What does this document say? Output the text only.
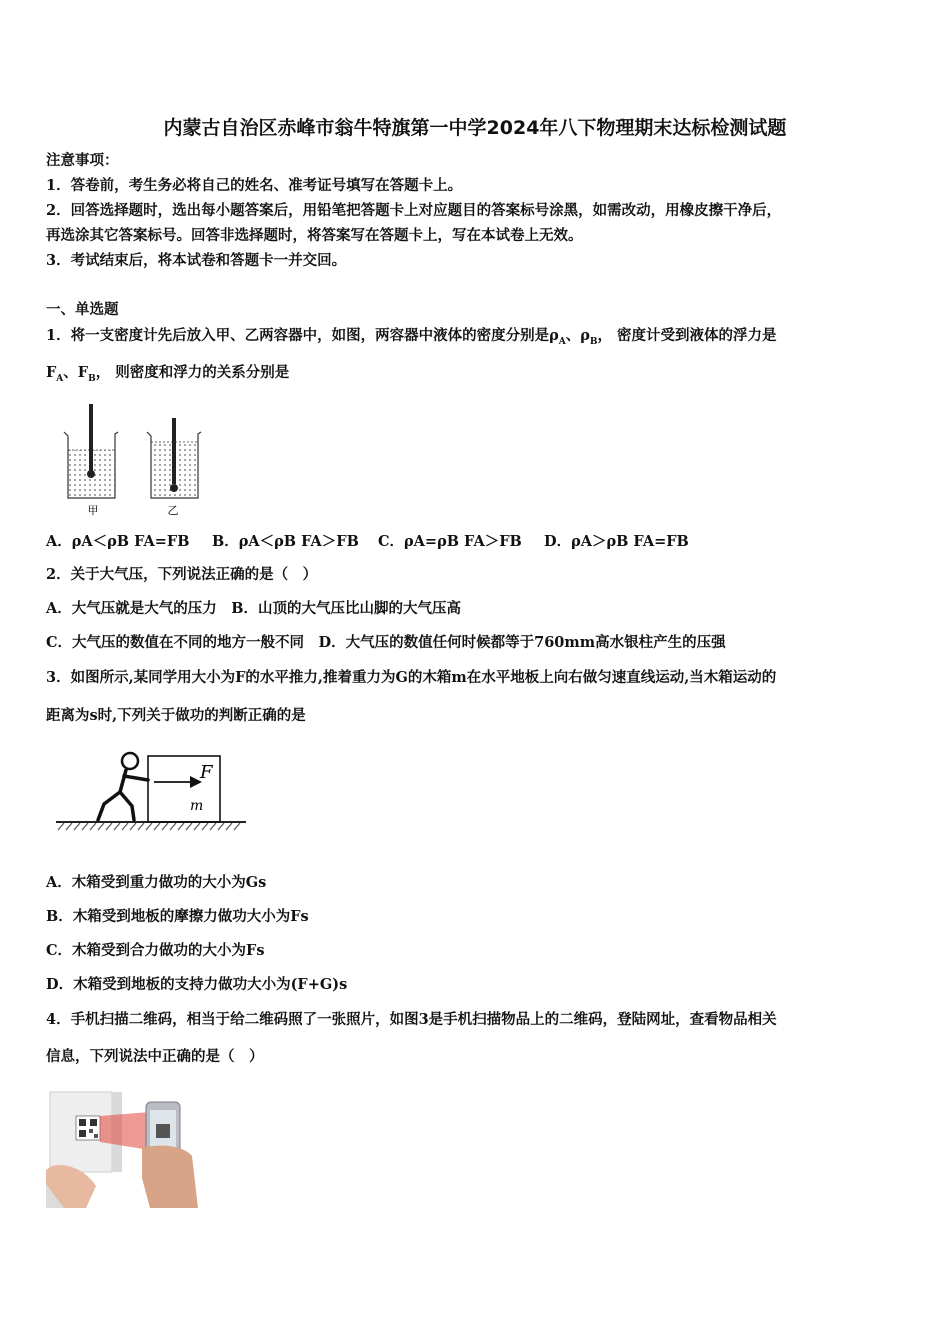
内蒙古自治区赤峰市翁牛特旗第一中学2024年八下物理期末达标检测试题
注意事项：
1．答卷前，考生务必将自己的姓名、准考证号填写在答题卡上。
2．回答选择题时，选出每小题答案后，用铅笔把答题卡上对应题目的答案标号涂黑，如需改动，用橡皮擦干净后，
再选涂其它答案标号。回答非选择题时，将答案写在答题卡上，写在本试卷上无效。
3．考试结束后，将本试卷和答题卡一并交回。
一、单选题
1．将一支密度计先后放入甲、乙两容器中，如图，两容器中液体的密度分别是$\rho_A$、$\rho_B$， 密度计受到液体的浮力是
$F_A$、$F_B$， 则密度和浮力的关系分别是
甲	乙
A．ρA＜ρB FA=FB B．ρA＜ρB FA＞FB C．ρA=ρB FA＞FB D．ρA＞ρB FA=FB
2．关于大气压，下列说法正确的是（　）
A．大气压就是大气的压力　B．山顶的大气压比山脚的大气压高
C．大气压的数值在不同的地方一般不同　D．大气压的数值任何时候都等于760mm高水银柱产生的压强
3．如图所示,某同学用大小为F的水平推力,推着重力为G的木箱m在水平地板上向右做匀速直线运动,当木箱运动的
距离为s时,下列关于做功的判断正确的是
F
m
A．木箱受到重力做功的大小为Gs
B．木箱受到地板的摩擦力做功大小为Fs
C．木箱受到合力做功的大小为Fs
D．木箱受到地板的支持力做功大小为(F+G)s
4．手机扫描二维码，相当于给二维码照了一张照片，如图3是手机扫描物品上的二维码，登陆网址，查看物品相关
信息，下列说法中正确的是（　）
